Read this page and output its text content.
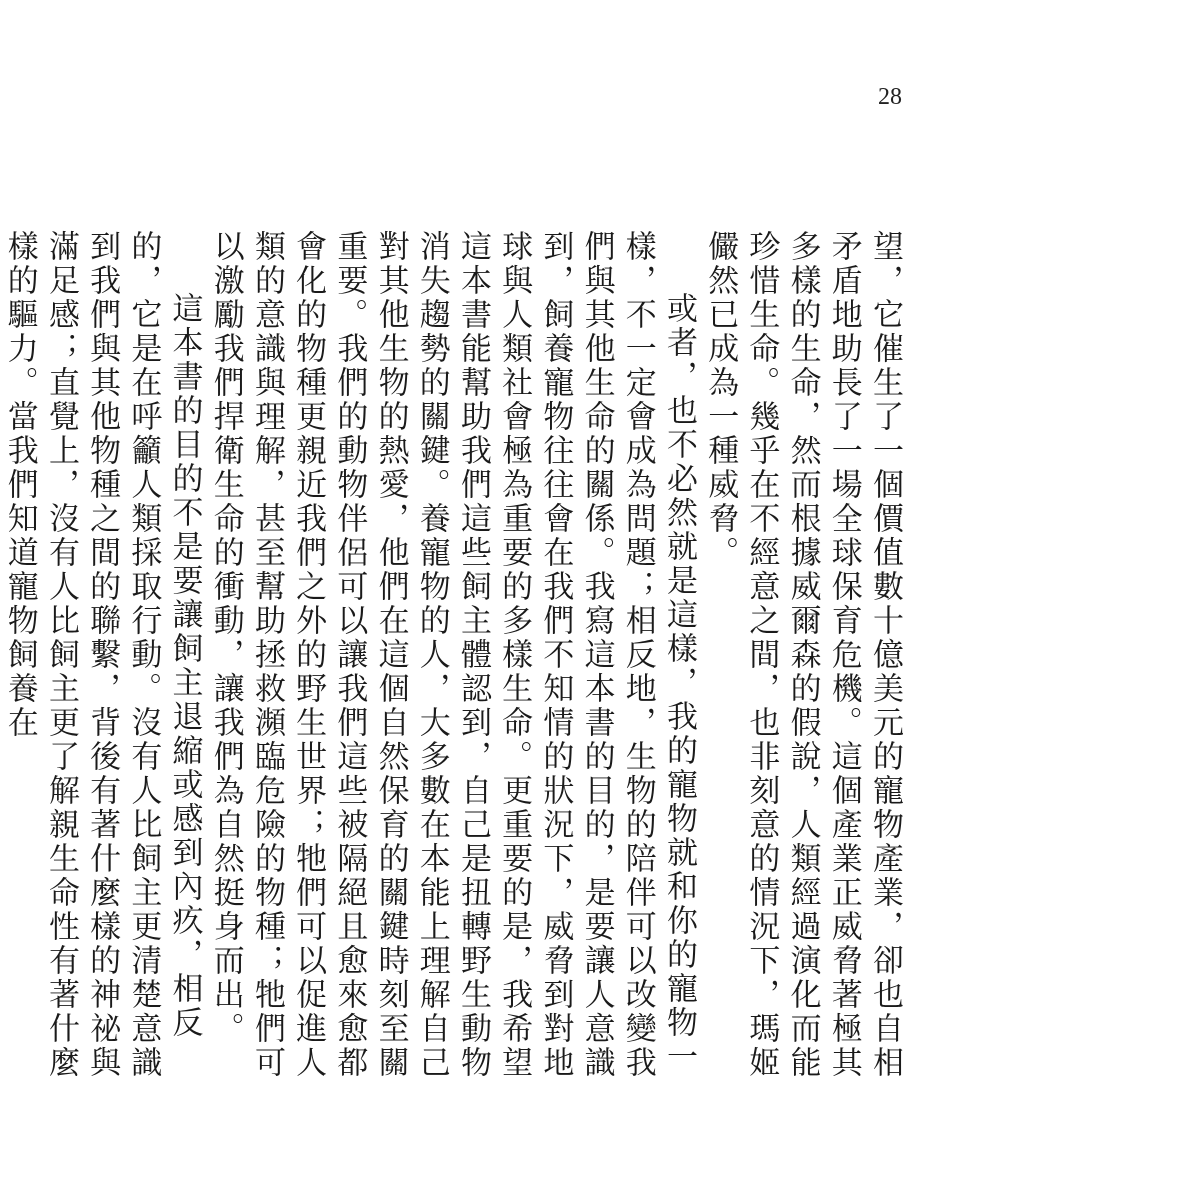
28

望，它催生了一個價值數十億美元的寵物產業，卻也自相矛盾地助長了一場全球保育危機。這個產業正威脅著極其多樣的生命，然而根據威爾森的假說，人類經過演化而能珍惜生命。幾乎在不經意之間，也非刻意的情況下，瑪姬儼然已成為一種威脅。

或者，也不必然就是這樣，我的寵物就和你的寵物一樣，不一定會成為問題；相反地，生物的陪伴可以改變我們與其他生命的關係。我寫這本書的目的，是要讓人意識到，飼養寵物往往會在我們不知情的狀況下，威脅到對地球與人類社會極為重要的多樣生命。更重要的是，我希望這本書能幫助我們這些飼主體認到，自己是扭轉野生動物消失趨勢的關鍵。養寵物的人，大多數在本能上理解自己對其他生物的熱愛，他們在這個自然保育的關鍵時刻至關重要。我們的動物伴侶可以讓我們這些被隔絕且愈來愈都會化的物種更親近我們之外的野生世界；牠們可以促進人類的意識與理解，甚至幫助拯救瀕臨危險的物種；牠們可以激勵我們捍衛生命的衝動，讓我們為自然挺身而出。

這本書的目的不是要讓飼主退縮或感到內疚，相反的，它是在呼籲人類採取行動。沒有人比飼主更清楚意識到我們與其他物種之間的聯繫，背後有著什麼樣的神祕與滿足感；直覺上，沒有人比飼主更了解親生命性有著什麼樣的驅力。當我們知道寵物飼養在
